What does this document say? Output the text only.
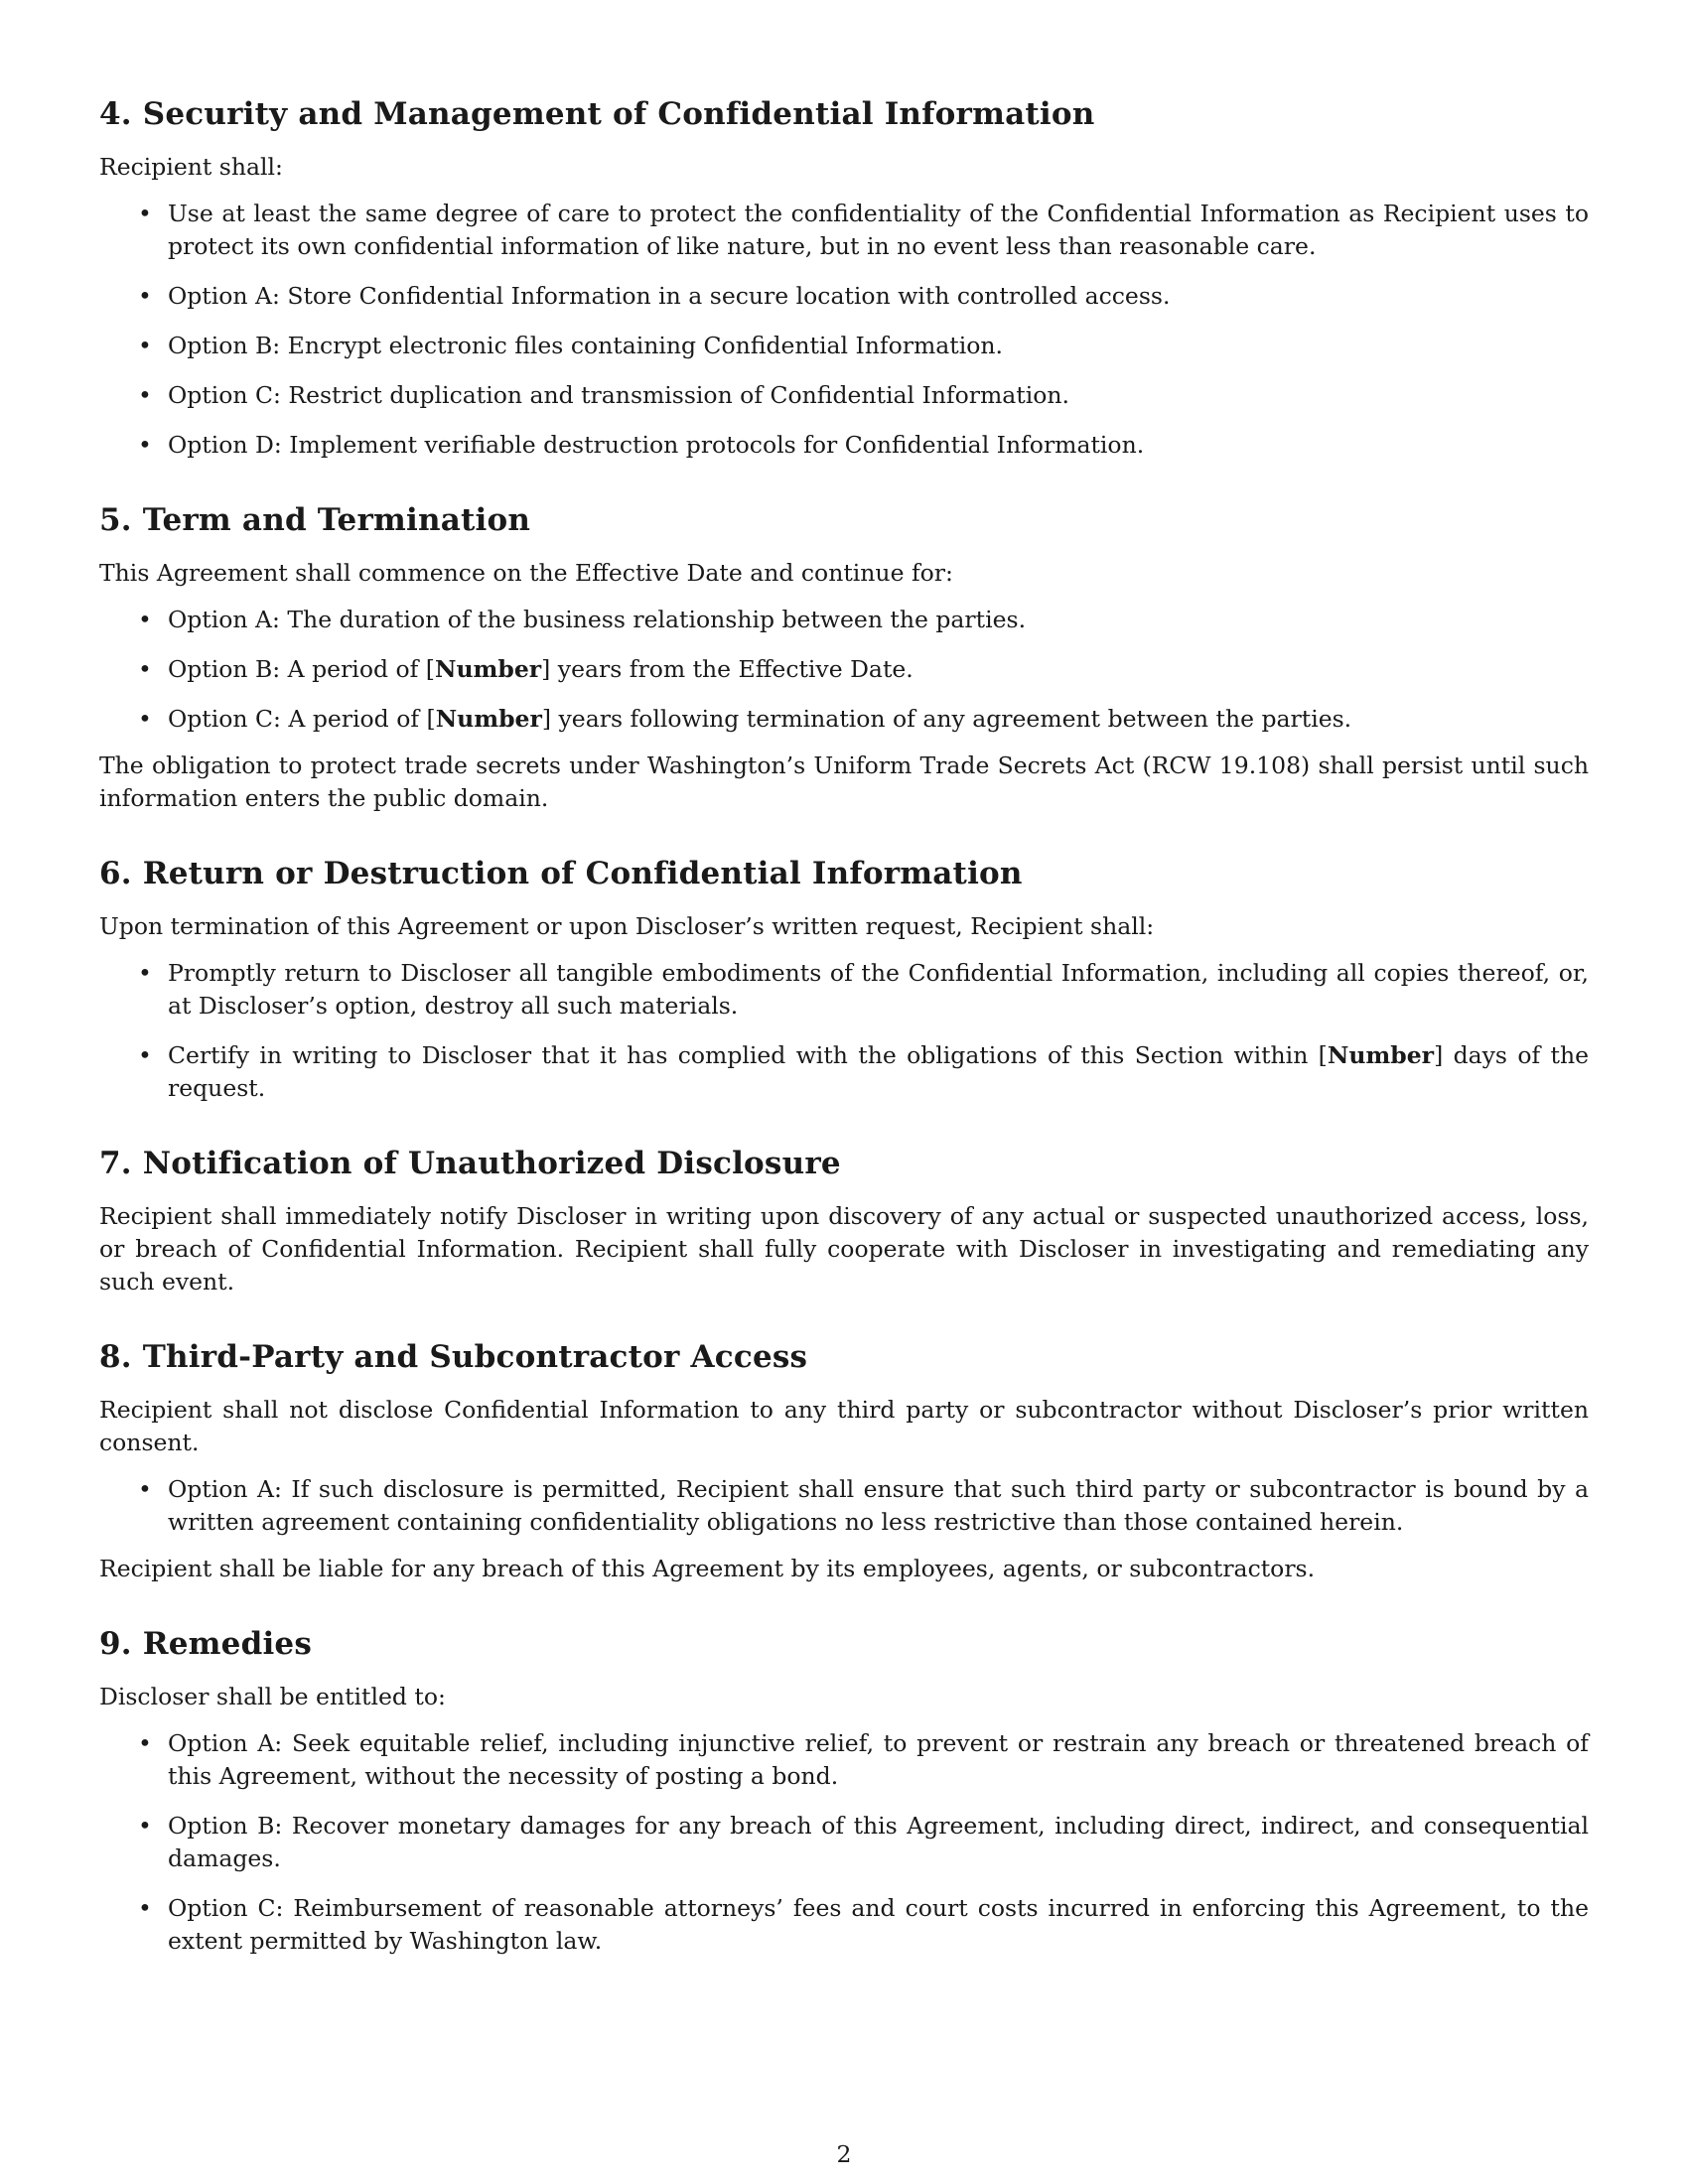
4. Security and Management of Confidential Information

Recipient shall:

• Use at least the same degree of care to protect the confidentiality of the Confidential Information as Recipient uses to protect its own confidential information of like nature, but in no event less than reasonable care.
• Option A: Store Confidential Information in a secure location with controlled access.
• Option B: Encrypt electronic files containing Confidential Information.
• Option C: Restrict duplication and transmission of Confidential Information.
• Option D: Implement verifiable destruction protocols for Confidential Information.
5. Term and Termination

This Agreement shall commence on the Effective Date and continue for:

• Option A: The duration of the business relationship between the parties.
• Option B: A period of [Number] years from the Effective Date.
• Option C: A period of [Number] years following termination of any agreement between the parties.

The obligation to protect trade secrets under Washington’s Uniform Trade Secrets Act (RCW 19.108) shall persist until such information enters the public domain.

6. Return or Destruction of Confidential Information

Upon termination of this Agreement or upon Discloser’s written request, Recipient shall:

• Promptly return to Discloser all tangible embodiments of the Confidential Information, including all copies thereof, or, at Discloser’s option, destroy all such materials.
• Certify in writing to Discloser that it has complied with the obligations of this Section within [Number] days of the request.
7. Notification of Unauthorized Disclosure

Recipient shall immediately notify Discloser in writing upon discovery of any actual or suspected unauthorized access, loss, or breach of Confidential Information. Recipient shall fully cooperate with Discloser in investigating and remediating any such event.

8. Third-Party and Subcontractor Access

Recipient shall not disclose Confidential Information to any third party or subcontractor without Discloser’s prior written consent.

• Option A: If such disclosure is permitted, Recipient shall ensure that such third party or subcontractor is bound by a written agreement containing confidentiality obligations no less restrictive than those contained herein.

Recipient shall be liable for any breach of this Agreement by its employees, agents, or subcontractors.

9. Remedies

Discloser shall be entitled to:

• Option A: Seek equitable relief, including injunctive relief, to prevent or restrain any breach or threatened breach of this Agreement, without the necessity of posting a bond.
• Option B: Recover monetary damages for any breach of this Agreement, including direct, indirect, and consequential damages.
• Option C: Reimbursement of reasonable attorneys’ fees and court costs incurred in enforcing this Agreement, to the extent permitted by Washington law.
2
